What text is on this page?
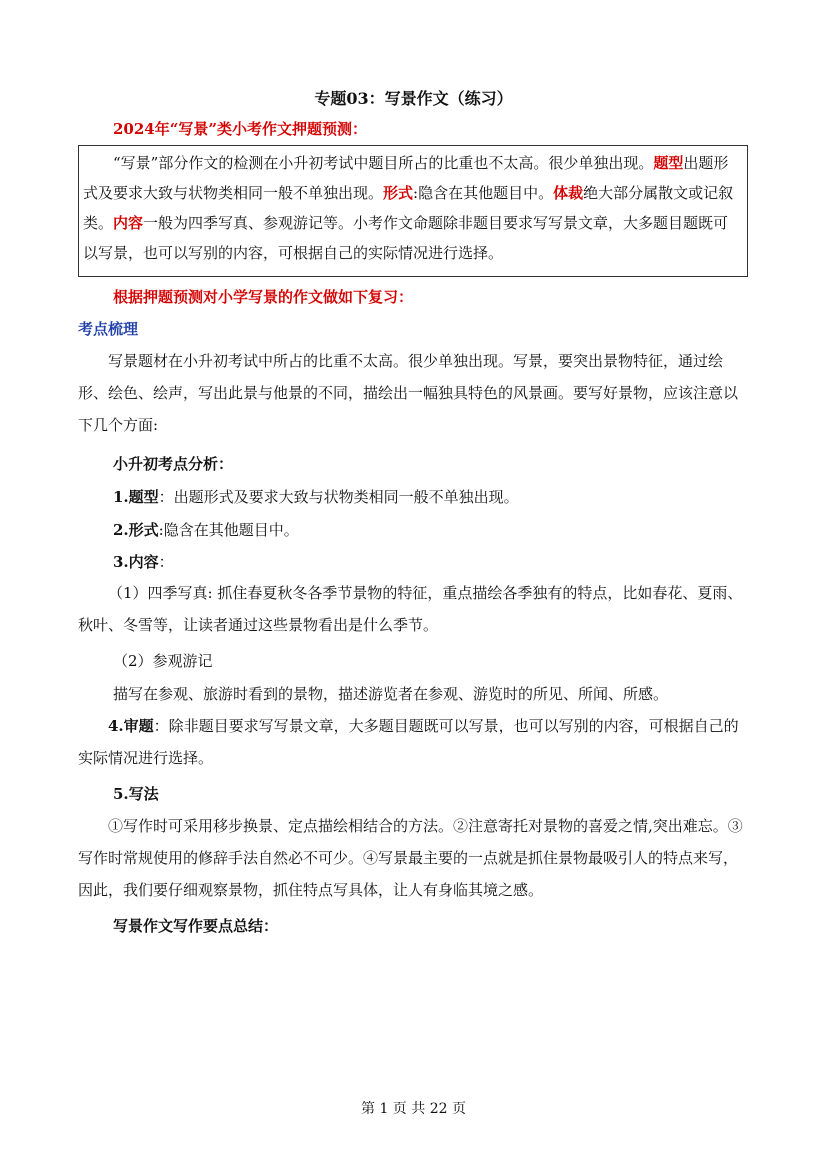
专题03：写景作文（练习）
2024年“写景”类小考作文押题预测：

“写景”部分作文的检测在小升初考试中题目所占的比重也不太高。很少单独出现。题型出题形式及要求大致与状物类相同一般不单独出现。形式:隐含在其他题目中。体裁绝大部分属散文或记叙类。内容一般为四季写真、参观游记等。小考作文命题除非题目要求写写景文章，大多题目题既可以写景，也可以写别的内容，可根据自己的实际情况进行选择。

根据押题预测对小学写景的作文做如下复习：
考点梳理

写景题材在小升初考试中所占的比重不太高。很少单独出现。写景，要突出景物特征，通过绘形、绘色、绘声，写出此景与他景的不同，描绘出一幅独具特色的风景画。要写好景物，应该注意以下几个方面:

小升初考点分析：
1.题型：出题形式及要求大致与状物类相同一般不单独出现。
2.形式:隐含在其他题目中。
3.内容：

（1）四季写真: 抓住春夏秋冬各季节景物的特征，重点描绘各季独有的特点，比如春花、夏雨、秋叶、冬雪等，让读者通过这些景物看出是什么季节。

（2）参观游记
描写在参观、旅游时看到的景物，描述游览者在参观、游览时的所见、所闻、所感。

4.审题：除非题目要求写写景文章，大多题目题既可以写景，也可以写别的内容，可根据自己的实际情况进行选择。

5.写法

①写作时可采用移步换景、定点描绘相结合的方法。②注意寄托对景物的喜爱之情,突出难忘。③写作时常规使用的修辞手法自然必不可少。④写景最主要的一点就是抓住景物最吸引人的特点来写，因此，我们要仔细观察景物，抓住特点写具体，让人有身临其境之感。

写景作文写作要点总结：
第 1 页 共 22 页
